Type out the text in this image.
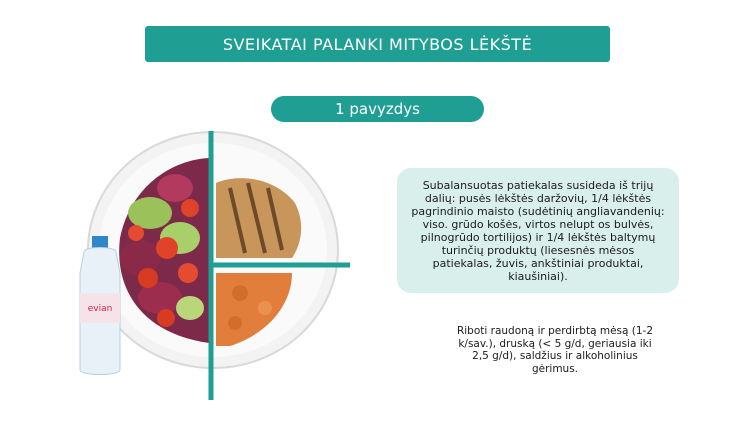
SVEIKATAI PALANKI MITYBOS LĖKŠTĖ
1 pavyzdys
evian
Subalansuotas patiekalas susideda iš trijų dalių: pusės lėkštės daržovių, 1/4 lėkštės pagrindinio maisto (sudėtinių angliavandenių: viso. grūdo košės, virtos nelupt os bulvės, pilnogrūdo tortilijos) ir 1/4 lėkštės baltymų turinčių produktų (liesesnės mėsos patiekalas, žuvis, ankštiniai produktai, kiaušiniai).
Riboti raudoną ir perdirbtą mėsą (1-2 k/sav.), druską (< 5 g/d, geriausia iki 2,5 g/d), saldžius ir alkoholinius gėrimus.
